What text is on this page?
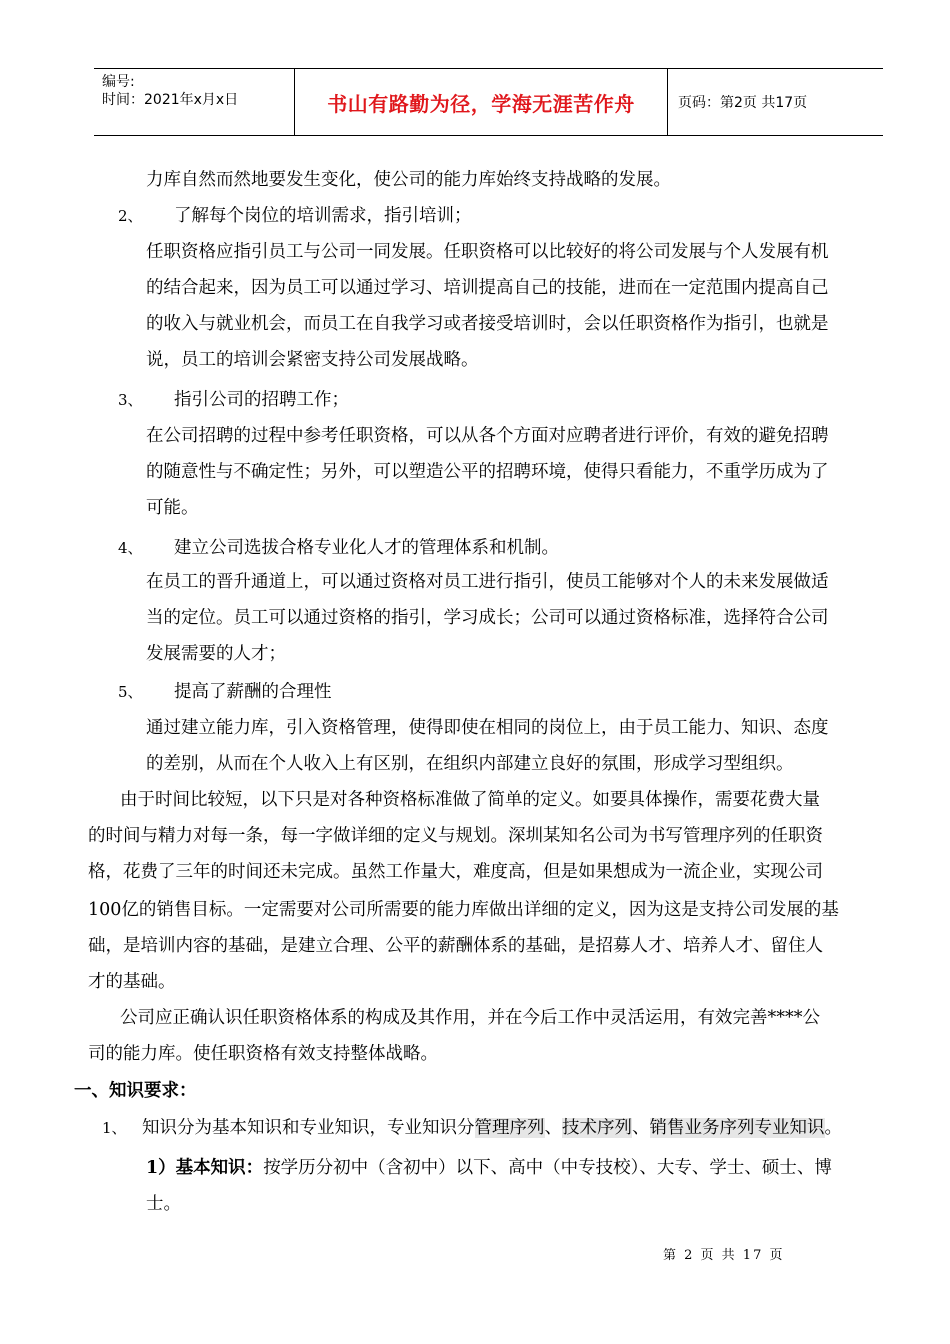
编号:
时间：2021年x月x日	书山有路勤为径，学海无涯苦作舟	页码：第2页 共17页
力库自然而然地要发生变化，使公司的能力库始终支持战略的发展。
2、 了解每个岗位的培训需求，指引培训；
任职资格应指引员工与公司一同发展。任职资格可以比较好的将公司发展与个人发展有机
的结合起来，因为员工可以通过学习、培训提高自己的技能，进而在一定范围内提高自己
的收入与就业机会，而员工在自我学习或者接受培训时，会以任职资格作为指引，也就是
说，员工的培训会紧密支持公司发展战略。
3、 指引公司的招聘工作；
在公司招聘的过程中参考任职资格，可以从各个方面对应聘者进行评价，有效的避免招聘
的随意性与不确定性；另外，可以塑造公平的招聘环境，使得只看能力，不重学历成为了
可能。
4、 建立公司选拔合格专业化人才的管理体系和机制。
在员工的晋升通道上，可以通过资格对员工进行指引，使员工能够对个人的未来发展做适
当的定位。员工可以通过资格的指引，学习成长；公司可以通过资格标准，选择符合公司
发展需要的人才；
5、 提高了薪酬的合理性
通过建立能力库，引入资格管理，使得即使在相同的岗位上，由于员工能力、知识、态度
的差别，从而在个人收入上有区别，在组织内部建立良好的氛围，形成学习型组织。
由于时间比较短，以下只是对各种资格标准做了简单的定义。如要具体操作，需要花费大量
的时间与精力对每一条，每一字做详细的定义与规划。深圳某知名公司为书写管理序列的任职资
格，花费了三年的时间还未完成。虽然工作量大，难度高，但是如果想成为一流企业，实现公司
100亿的销售目标。一定需要对公司所需要的能力库做出详细的定义，因为这是支持公司发展的基
础，是培训内容的基础，是建立合理、公平的薪酬体系的基础，是招募人才、培养人才、留住人
才的基础。
公司应正确认识任职资格体系的构成及其作用，并在今后工作中灵活运用，有效完善****公
司的能力库。使任职资格有效支持整体战略。
一、知识要求：
1、 知识分为基本知识和专业知识，专业知识分管理序列、技术序列、销售业务序列专业知识。
1）基本知识：按学历分初中（含初中）以下、高中（中专技校）、大专、学士、硕士、博
士。
第 2 页 共 17 页
